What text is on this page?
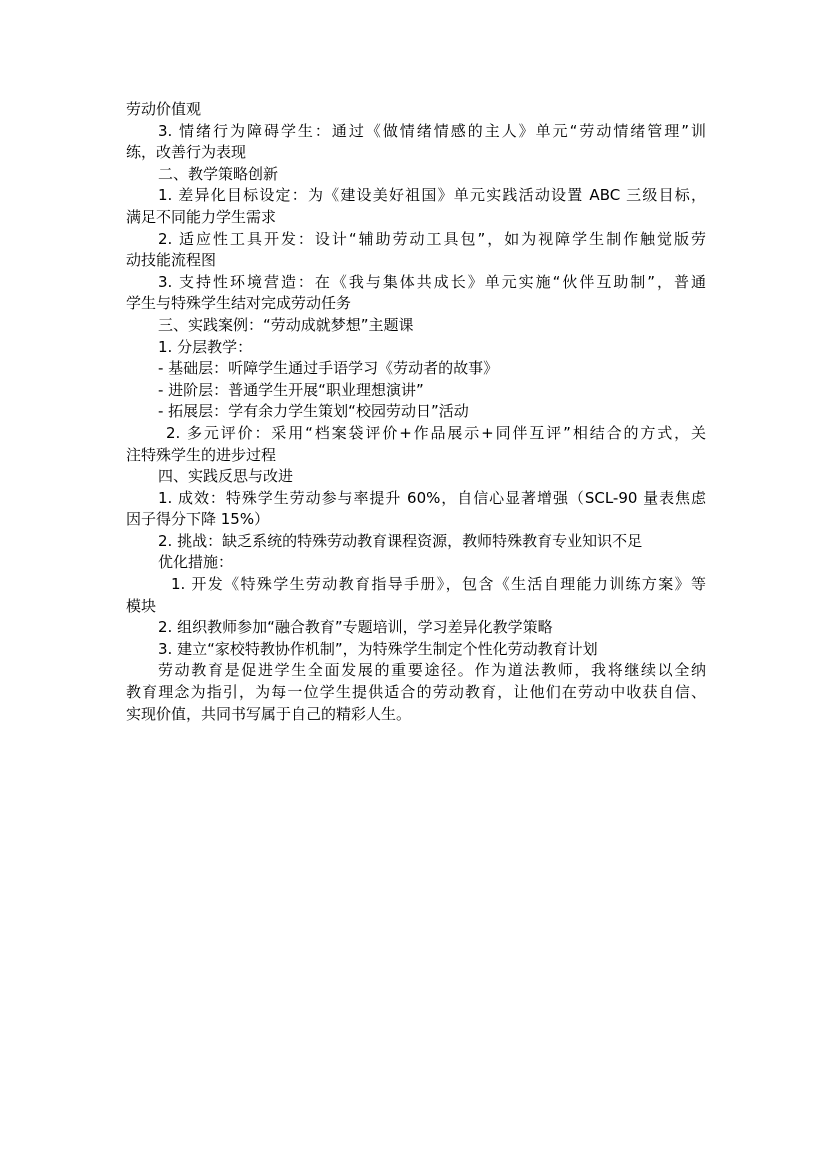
劳动价值观
3. 情绪行为障碍学生：通过《做情绪情感的主人》单元“劳动情绪管理”训
练，改善行为表现
二、教学策略创新
1. 差异化目标设定：为《建设美好祖国》单元实践活动设置 ABC 三级目标，
满足不同能力学生需求
2. 适应性工具开发：设计“辅助劳动工具包”，如为视障学生制作触觉版劳
动技能流程图
3. 支持性环境营造：在《我与集体共成长》单元实施“伙伴互助制”，普通
学生与特殊学生结对完成劳动任务
三、实践案例：“劳动成就梦想”主题课
1. 分层教学：
- 基础层：听障学生通过手语学习《劳动者的故事》
- 进阶层：普通学生开展“职业理想演讲”
- 拓展层：学有余力学生策划“校园劳动日”活动
2. 多元评价：采用“档案袋评价+作品展示+同伴互评”相结合的方式，关
注特殊学生的进步过程
四、实践反思与改进
1. 成效：特殊学生劳动参与率提升 60%，自信心显著增强（SCL-90 量表焦虑
因子得分下降 15%）
2. 挑战：缺乏系统的特殊劳动教育课程资源，教师特殊教育专业知识不足
优化措施：
1. 开发《特殊学生劳动教育指导手册》，包含《生活自理能力训练方案》等
模块
2. 组织教师参加“融合教育”专题培训，学习差异化教学策略
3. 建立“家校特教协作机制”，为特殊学生制定个性化劳动教育计划
劳动教育是促进学生全面发展的重要途径。作为道法教师，我将继续以全纳
教育理念为指引，为每一位学生提供适合的劳动教育，让他们在劳动中收获自信、
实现价值，共同书写属于自己的精彩人生。
